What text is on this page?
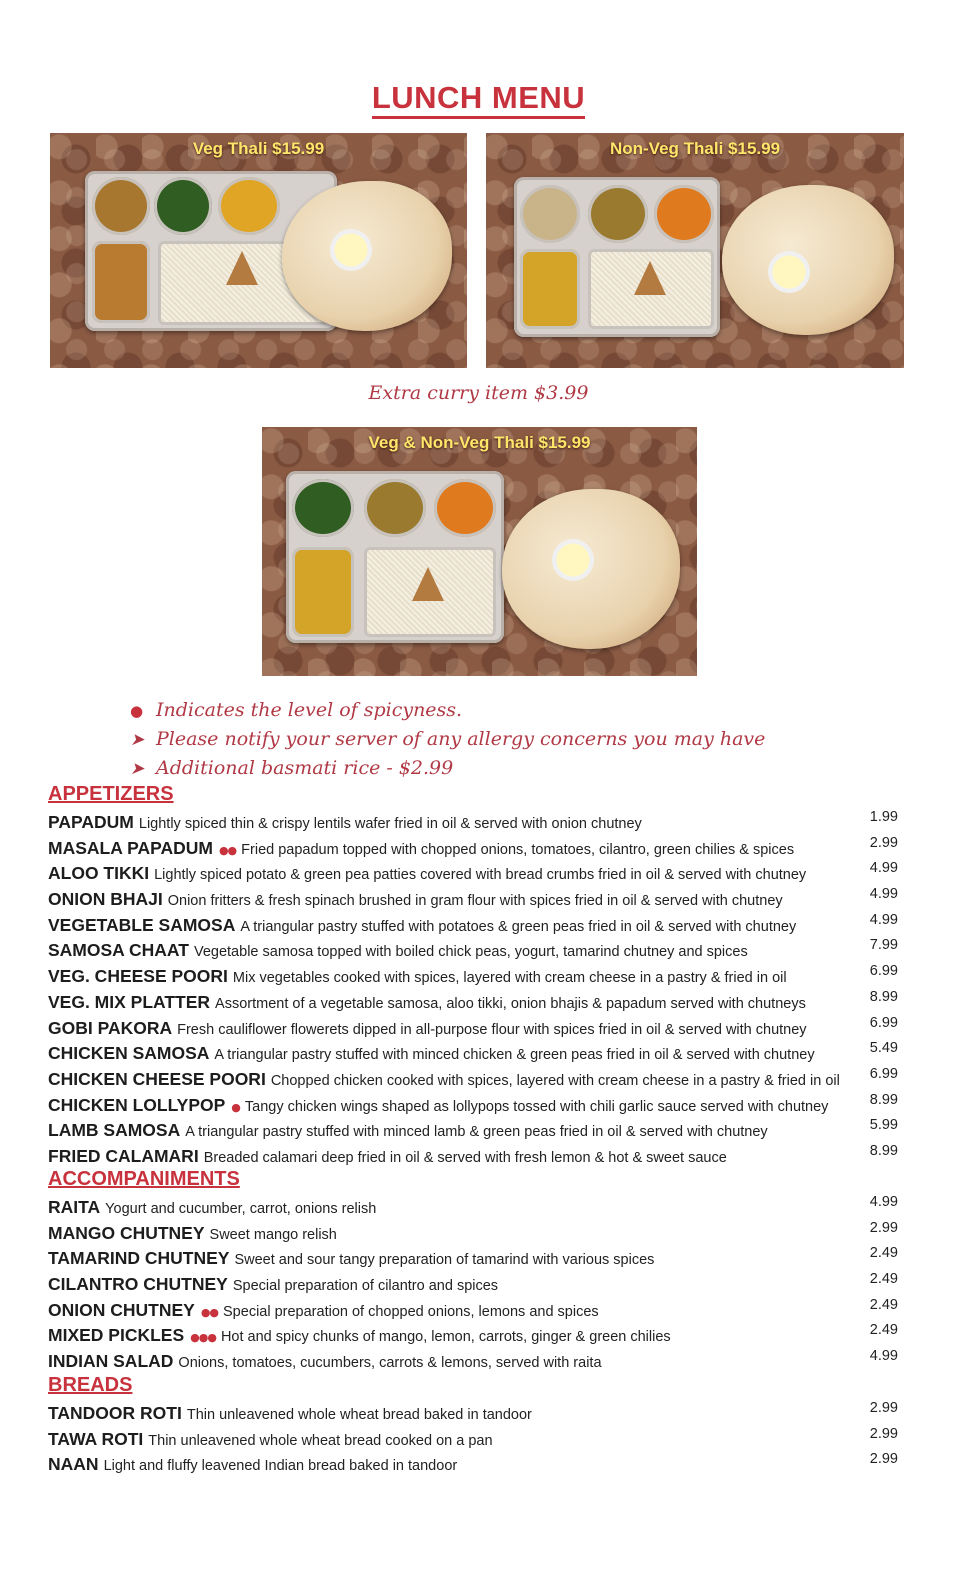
LUNCH MENU
Veg Thali $15.99	Non-Veg Thali $15.99
Extra curry item $3.99
Veg & Non-Veg Thali $15.99
● Indicates the level of spicyness.
➤ Please notify your server of any allergy concerns you may have
➤ Additional basmati rice - $2.99
APPETIZERS
PAPADUM Lightly spiced thin & crispy lentils wafer fried in oil & served with onion chutney	1.99
MASALA PAPADUM ●● Fried papadum topped with chopped onions, tomatoes, cilantro, green chilies & spices	2.99
ALOO TIKKI Lightly spiced potato & green pea patties covered with bread crumbs fried in oil & served with chutney	4.99
ONION BHAJI Onion fritters & fresh spinach brushed in gram flour with spices fried in oil & served with chutney	4.99
VEGETABLE SAMOSA A triangular pastry stuffed with potatoes & green peas fried in oil & served with chutney	4.99
SAMOSA CHAAT Vegetable samosa topped with boiled chick peas, yogurt, tamarind chutney and spices	7.99
VEG. CHEESE POORI Mix vegetables cooked with spices, layered with cream cheese in a pastry & fried in oil	6.99
VEG. MIX PLATTER Assortment of a vegetable samosa, aloo tikki, onion bhajis & papadum served with chutneys	8.99
GOBI PAKORA Fresh cauliflower flowerets dipped in all-purpose flour with spices fried in oil & served with chutney	6.99
CHICKEN SAMOSA A triangular pastry stuffed with minced chicken & green peas fried in oil & served with chutney	5.49
CHICKEN CHEESE POORI Chopped chicken cooked with spices, layered with cream cheese in a pastry & fried in oil 6.99
CHICKEN LOLLYPOP ● Tangy chicken wings shaped as lollypops tossed with chili garlic sauce served with chutney	8.99
LAMB SAMOSA A triangular pastry stuffed with minced lamb & green peas fried in oil & served with chutney	5.99
FRIED CALAMARI Breaded calamari deep fried in oil & served with fresh lemon & hot & sweet sauce	8.99
ACCOMPANIMENTS
RAITA Yogurt and cucumber, carrot, onions relish	4.99
MANGO CHUTNEY Sweet mango relish	2.99
TAMARIND CHUTNEY Sweet and sour tangy preparation of tamarind with various spices	2.49
CILANTRO CHUTNEY Special preparation of cilantro and spices	2.49
ONION CHUTNEY ●● Special preparation of chopped onions, lemons and spices	2.49
MIXED PICKLES ●●● Hot and spicy chunks of mango, lemon, carrots, ginger & green chilies	2.49
INDIAN SALAD Onions, tomatoes, cucumbers, carrots & lemons, served with raita	4.99
BREADS
TANDOOR ROTI Thin unleavened whole wheat bread baked in tandoor	2.99
TAWA ROTI Thin unleavened whole wheat bread cooked on a pan	2.99
NAAN Light and fluffy leavened Indian bread baked in tandoor	2.99
